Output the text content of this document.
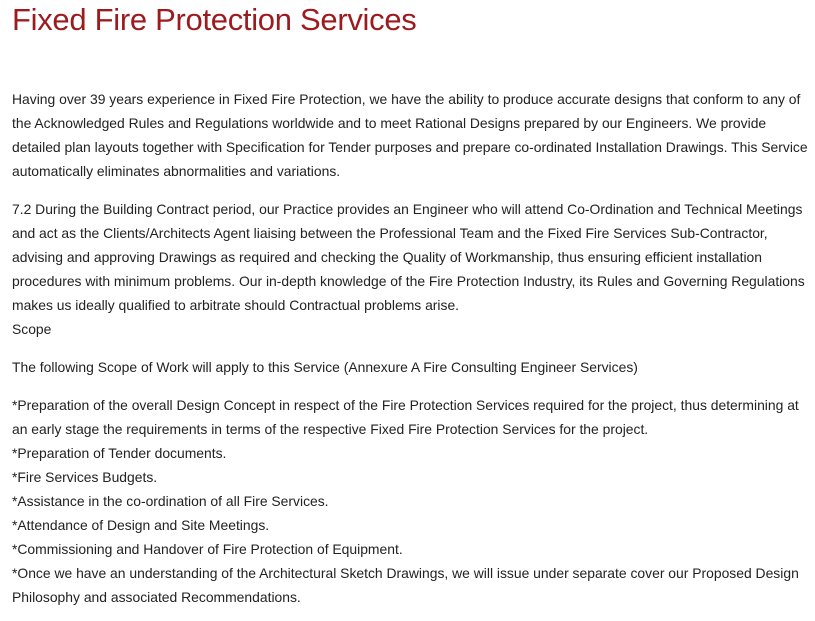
Fixed Fire Protection Services

Having over 39 years experience in Fixed Fire Protection, we have the ability to produce accurate designs that conform to any of the Acknowledged Rules and Regulations worldwide and to meet Rational Designs prepared by our Engineers. We provide detailed plan layouts together with Specification for Tender purposes and prepare co-ordinated Installation Drawings. This Service automatically eliminates abnormalities and variations.

7.2 During the Building Contract period, our Practice provides an Engineer who will attend Co-Ordination and Technical Meetings and act as the Clients/Architects Agent liaising between the Professional Team and the Fixed Fire Services Sub-Contractor, advising and approving Drawings as required and checking the Quality of Workmanship, thus ensuring efficient installation procedures with minimum problems. Our in-depth knowledge of the Fire Protection Industry, its Rules and Governing Regulations makes us ideally qualified to arbitrate should Contractual problems arise.

Scope

The following Scope of Work will apply to this Service (Annexure A Fire Consulting Engineer Services)

*Preparation of the overall Design Concept in respect of the Fire Protection Services required for the project, thus determining at an early stage the requirements in terms of the respective Fixed Fire Protection Services for the project.
*Preparation of Tender documents.
*Fire Services Budgets.
*Assistance in the co-ordination of all Fire Services.
*Attendance of Design and Site Meetings.
*Commissioning and Handover of Fire Protection of Equipment.
*Once we have an understanding of the Architectural Sketch Drawings, we will issue under separate cover our Proposed Design Philosophy and associated Recommendations.
